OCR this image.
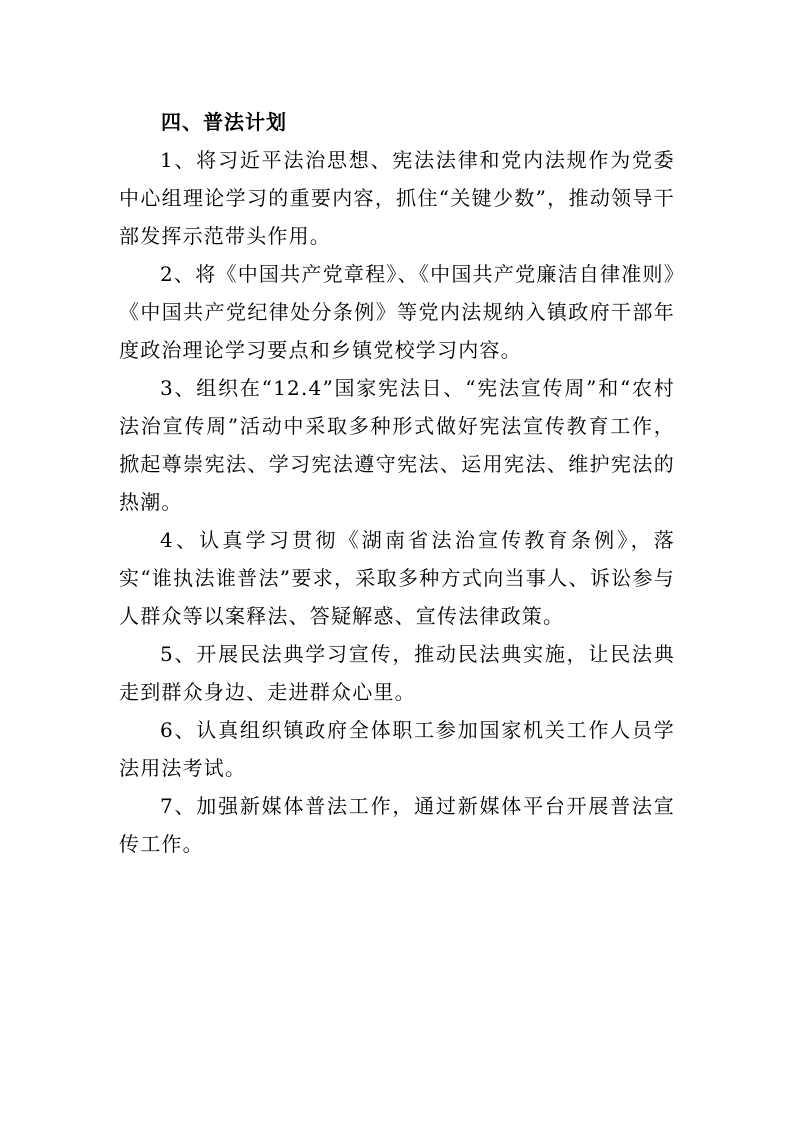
四、普法计划

1、将习近平法治思想、宪法法律和党内法规作为党委中心组理论学习的重要内容，抓住“关键少数”，推动领导干部发挥示范带头作用。

2、将《中国共产党章程》、《中国共产党廉洁自律准则》《中国共产党纪律处分条例》等党内法规纳入镇政府干部年度政治理论学习要点和乡镇党校学习内容。

3、组织在“12.4”国家宪法日、“宪法宣传周”和“农村法治宣传周”活动中采取多种形式做好宪法宣传教育工作，掀起尊崇宪法、学习宪法遵守宪法、运用宪法、维护宪法的热潮。

4、认真学习贯彻《湖南省法治宣传教育条例》，落实“谁执法谁普法”要求，采取多种方式向当事人、诉讼参与人群众等以案释法、答疑解惑、宣传法律政策。

5、开展民法典学习宣传，推动民法典实施，让民法典走到群众身边、走进群众心里。

6、认真组织镇政府全体职工参加国家机关工作人员学法用法考试。

7、加强新媒体普法工作，通过新媒体平台开展普法宣传工作。
